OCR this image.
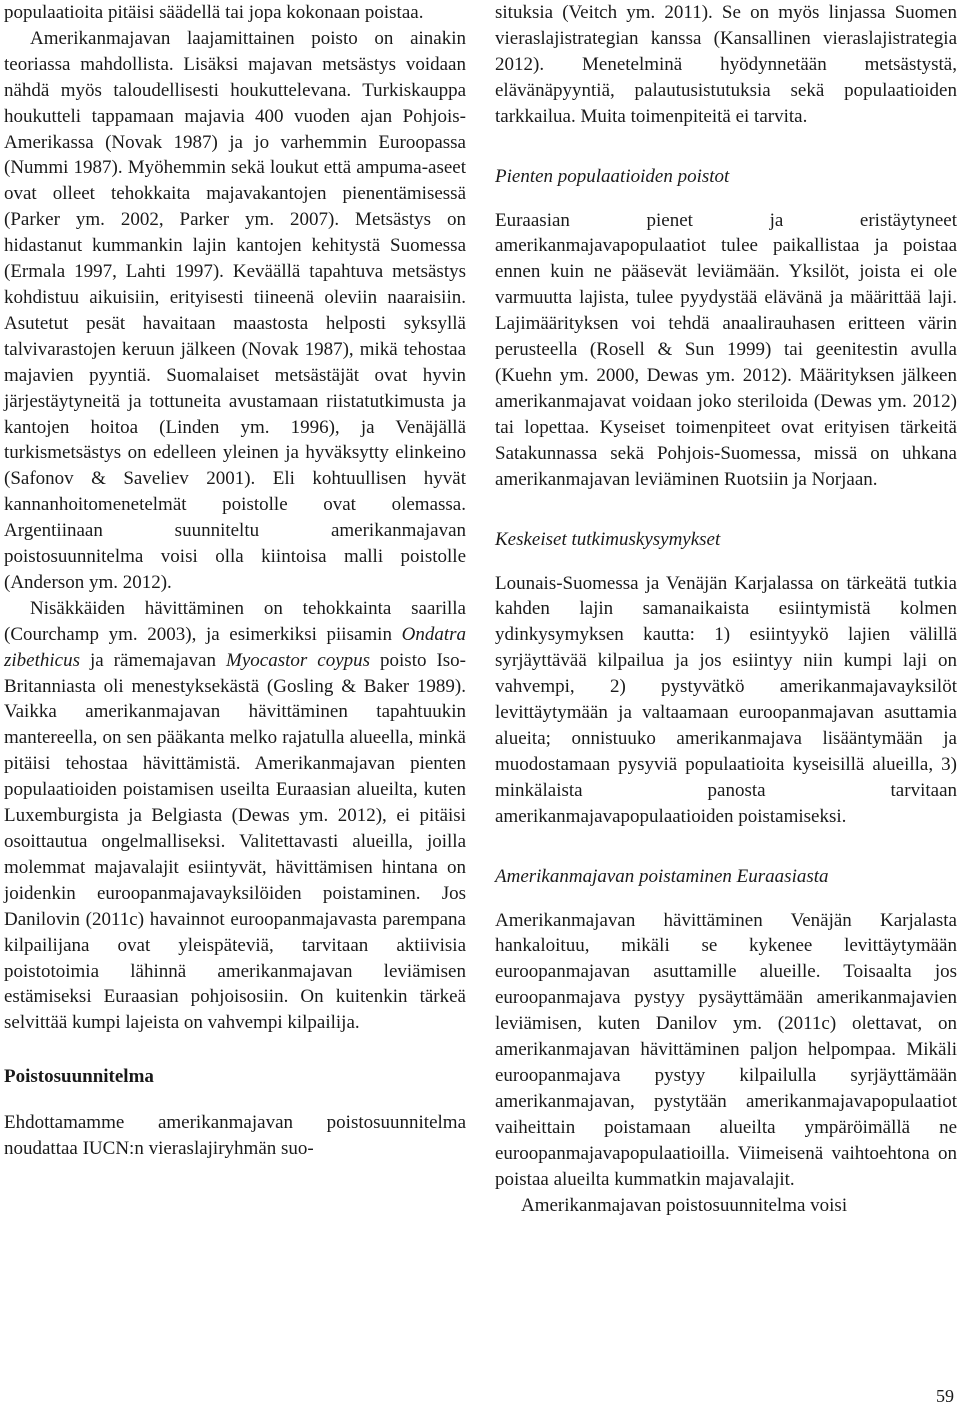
populaatioita pitäisi säädellä tai jopa kokonaan poistaa.

Amerikanmajavan laajamittainen poisto on ainakin teoriassa mahdollista. Lisäksi majavan metsästys voidaan nähdä myös taloudellisesti houkuttelevana. Turkiskauppa houkutteli tappamaan majavia 400 vuoden ajan Pohjois-Amerikassa (Novak 1987) ja jo varhemmin Euroopassa (Nummi 1987). Myöhemmin sekä loukut että ampuma-aseet ovat olleet tehokkaita majavakantojen pienentämisessä (Parker ym. 2002, Parker ym. 2007). Metsästys on hidastanut kummankin lajin kantojen kehitystä Suomessa (Ermala 1997, Lahti 1997). Keväällä tapahtuva metsästys kohdistuu aikuisiin, erityisesti tiineenä oleviin naaraisiin. Asutetut pesät havaitaan maastosta helposti syksyllä talvivarastojen keruun jälkeen (Novak 1987), mikä tehostaa majavien pyyntiä. Suomalaiset metsästäjät ovat hyvin järjestäytyneitä ja tottuneita avustamaan riistatutkimusta ja kantojen hoitoa (Linden ym. 1996), ja Venäjällä turkismetsästys on edelleen yleinen ja hyväksytty elinkeino (Safonov & Saveliev 2001). Eli kohtuullisen hyvät kannanhoitomenetelmät poistolle ovat olemassa. Argentiinaan suunniteltu amerikanmajavan poistosuunnitelma voisi olla kiintoisa malli poistolle (Anderson ym. 2012).

Nisäkkäiden hävittäminen on tehokkainta saarilla (Courchamp ym. 2003), ja esimerkiksi piisamin Ondatra zibethicus ja rämemajavan Myocastor coypus poisto Iso-Britanniasta oli menestyksekästä (Gosling & Baker 1989). Vaikka amerikanmajavan hävittäminen tapahtuukin mantereella, on sen pääkanta melko rajatulla alueella, minkä pitäisi tehostaa hävittämistä. Amerikanmajavan pienten populaatioiden poistamisen useilta Euraasian alueilta, kuten Luxemburgista ja Belgiasta (Dewas ym. 2012), ei pitäisi osoittautua ongelmalliseksi. Valitettavasti alueilla, joilla molemmat majavalajit esiintyvät, hävittämisen hintana on joidenkin euroopanmajavayksilöiden poistaminen. Jos Danilovin (2011c) havainnot euroopanmajavasta parempana kilpailijana ovat yleispäteviä, tarvitaan aktiivisia poistotoimia lähinnä amerikanmajavan leviämisen estämiseksi Euraasian pohjoisosiin. On kuitenkin tärkeä selvittää kumpi lajeista on vahvempi kilpailija.

Poistosuunnitelma

Ehdottamamme amerikanmajavan poistosuunnitelma noudattaa IUCN:n vieraslajiryhmän suo-

situksia (Veitch ym. 2011). Se on myös linjassa Suomen vieraslajistrategian kanssa (Kansallinen vieraslajistrategia 2012). Menetelminä hyödynnetään metsästystä, elävänäpyyntiä, palautusistutuksia sekä populaatioiden tarkkailua. Muita toimenpiteitä ei tarvita.

Pienten populaatioiden poistot

Euraasian pienet ja eristäytyneet amerikanmajavapopulaatiot tulee paikallistaa ja poistaa ennen kuin ne pääsevät leviämään. Yksilöt, joista ei ole varmuutta lajista, tulee pyydystää elävänä ja määrittää laji. Lajimäärityksen voi tehdä anaalirauhasen eritteen värin perusteella (Rosell & Sun 1999) tai geenitestin avulla (Kuehn ym. 2000, Dewas ym. 2012). Määrityksen jälkeen amerikanmajavat voidaan joko steriloida (Dewas ym. 2012) tai lopettaa. Kyseiset toimenpiteet ovat erityisen tärkeitä Satakunnassa sekä Pohjois-Suomessa, missä on uhkana amerikanmajavan leviäminen Ruotsiin ja Norjaan.

Keskeiset tutkimuskysymykset

Lounais-Suomessa ja Venäjän Karjalassa on tärkeätä tutkia kahden lajin samanaikaista esiintymistä kolmen ydinkysymyksen kautta: 1) esiintyykö lajien välillä syrjäyttävää kilpailua ja jos esiintyy niin kumpi laji on vahvempi, 2) pystyvätkö amerikanmajavayksilöt levittäytymään ja valtaamaan euroopanmajavan asuttamia alueita; onnistuuko amerikanmajava lisääntymään ja muodostamaan pysyviä populaatioita kyseisillä alueilla, 3) minkälaista panosta tarvitaan amerikanmajavapopulaatioiden poistamiseksi.

Amerikanmajavan poistaminen Euraasiasta

Amerikanmajavan hävittäminen Venäjän Karjalasta hankaloituu, mikäli se kykenee levittäytymään euroopanmajavan asuttamille alueille. Toisaalta jos euroopanmajava pystyy pysäyttämään amerikanmajavien leviämisen, kuten Danilov ym. (2011c) olettavat, on amerikanmajavan hävittäminen paljon helpompaa. Mikäli euroopanmajava pystyy kilpailulla syrjäyttämään amerikanmajavan, pystytään amerikanmajavapopulaatiot vaiheittain poistamaan alueilta ympäröimällä ne euroopanmajavapopulaatioilla. Viimeisenä vaihtoehtona on poistaa alueilta kummatkin majavalajit.

Amerikanmajavan poistosuunnitelma voisi

59
